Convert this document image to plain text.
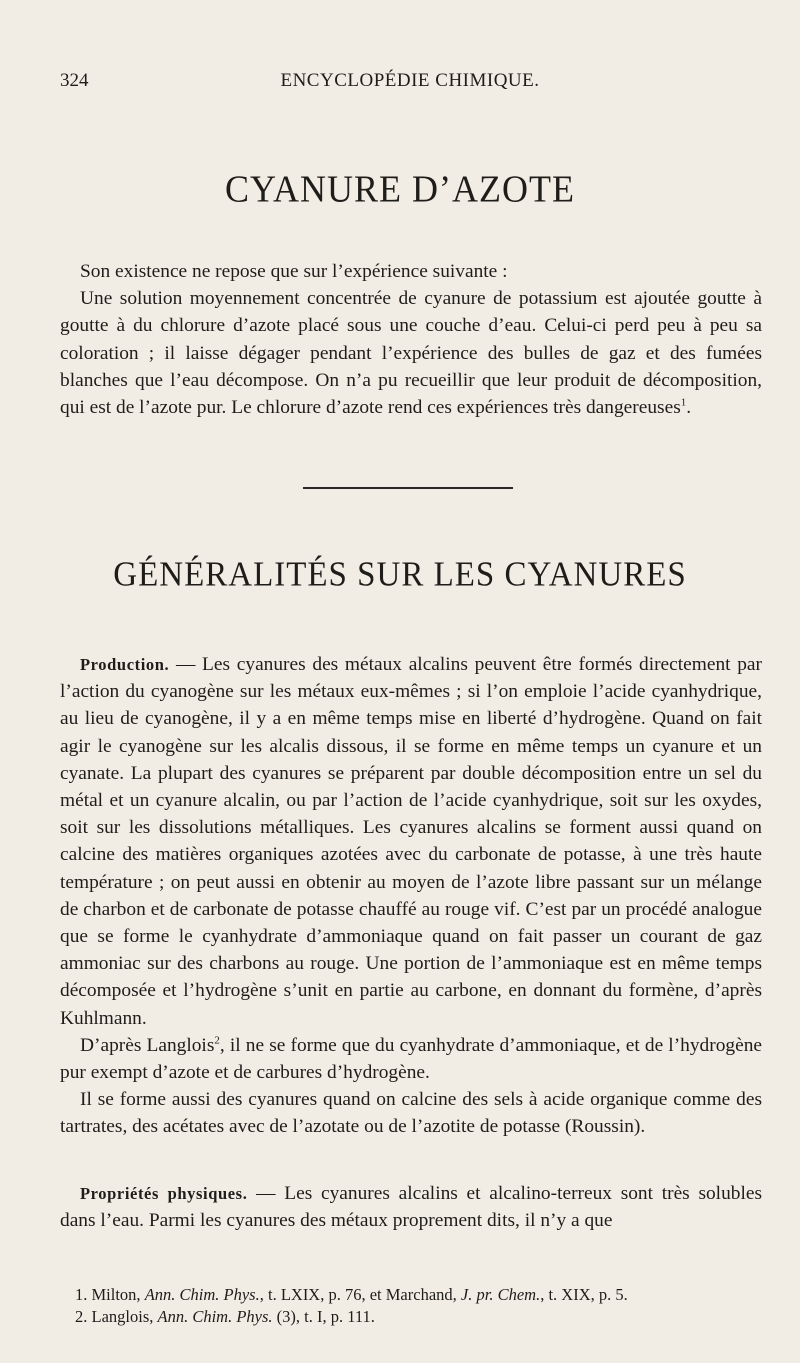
324	ENCYCLOPÉDIE CHIMIQUE.
CYANURE D’AZOTE

Son existence ne repose que sur l’expérience suivante :

Une solution moyennement concentrée de cyanure de potassium est ajoutée goutte à goutte à du chlorure d’azote placé sous une couche d’eau. Celui-ci perd peu à peu sa coloration ; il laisse dégager pendant l’expérience des bulles de gaz et des fumées blanches que l’eau décompose. On n’a pu recueillir que leur produit de décomposition, qui est de l’azote pur. Le chlorure d’azote rend ces expériences très dangereuses$^1$.

GÉNÉRALITÉS SUR LES CYANURES

Production. — Les cyanures des métaux alcalins peuvent être formés directement par l’action du cyanogène sur les métaux eux-mêmes ; si l’on emploie l’acide cyanhydrique, au lieu de cyanogène, il y a en même temps mise en liberté d’hydrogène. Quand on fait agir le cyanogène sur les alcalis dissous, il se forme en même temps un cyanure et un cyanate. La plupart des cyanures se préparent par double décomposition entre un sel du métal et un cyanure alcalin, ou par l’action de l’acide cyanhydrique, soit sur les oxydes, soit sur les dissolutions métalliques. Les cyanures alcalins se forment aussi quand on calcine des matières organiques azotées avec du carbonate de potasse, à une très haute température ; on peut aussi en obtenir au moyen de l’azote libre passant sur un mélange de charbon et de carbonate de potasse chauffé au rouge vif. C’est par un procédé analogue que se forme le cyanhydrate d’ammoniaque quand on fait passer un courant de gaz ammoniac sur des charbons au rouge. Une portion de l’ammoniaque est en même temps décomposée et l’hydrogène s’unit en partie au carbone, en donnant du formène, d’après Kuhlmann.

D’après Langlois$^2$, il ne se forme que du cyanhydrate d’ammoniaque, et de l’hydrogène pur exempt d’azote et de carbures d’hydrogène.

Il se forme aussi des cyanures quand on calcine des sels à acide organique comme des tartrates, des acétates avec de l’azotate ou de l’azotite de potasse (Roussin).

Propriétés physiques. — Les cyanures alcalins et alcalino-terreux sont très solubles dans l’eau. Parmi les cyanures des métaux proprement dits, il n’y a que

1. Milton, Ann. Chim. Phys., t. LXIX, p. 76, et Marchand, J. pr. Chem., t. XIX, p. 5.
2. Langlois, Ann. Chim. Phys. (3), t. I, p. 111.
